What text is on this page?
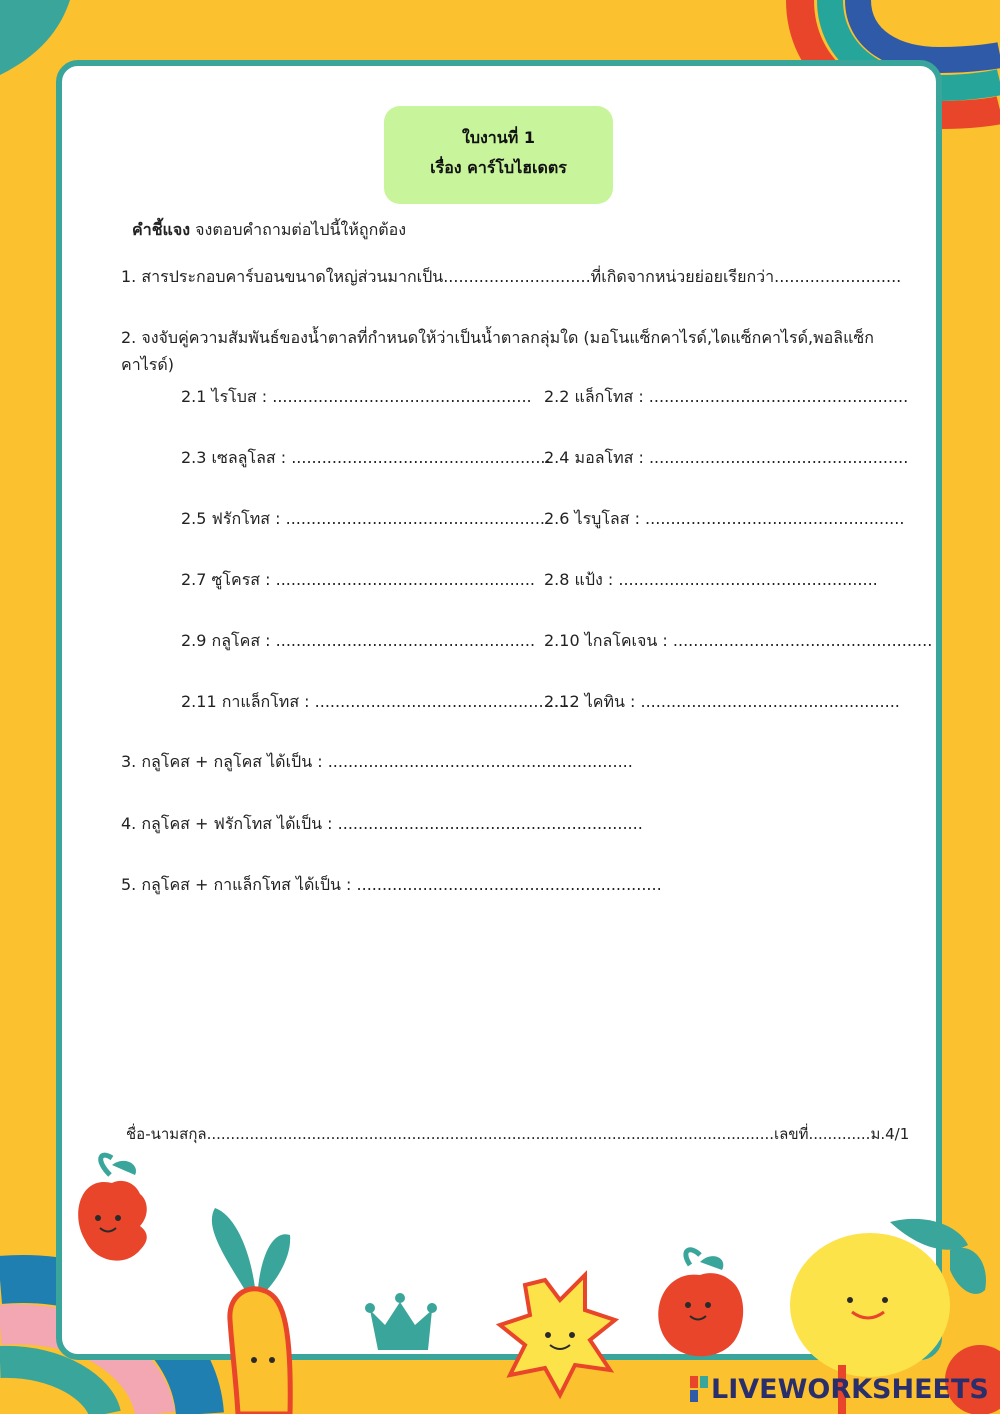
ใบงานที่ 1
เรื่อง คาร์โบไฮเดตร
คำชี้แจง จงตอบคำถามต่อไปนี้ให้ถูกต้อง
1. สารประกอบคาร์บอนขนาดใหญ่ส่วนมากเป็น.............................ที่เกิดจากหน่วยย่อยเรียกว่า.........................
2. จงจับคู่ความสัมพันธ์ของน้ำตาลที่กำหนดให้ว่าเป็นน้ำตาลกลุ่มใด (มอโนแซ็กคาไรด์,ไดแซ็กคาไรด์,พอลิแซ็กคาไรด์)
2.1 ไรโบส : ................................................... 2.2 แล็กโทส : ...................................................
2.3 เซลลูโลส : ...................................................
2.4 มอลโทส : ...................................................
2.5 ฟรักโทส : ................................................... 2.6 ไรบูโลส : ...................................................
2.7 ซูโครส : ................................................... 2.8 แป้ง : ...................................................
2.9 กลูโคส : ................................................... 2.10 ไกลโคเจน : ...................................................
2.11 กาแล็กโทส : ...................................................
2.12 ไคทิน : ...................................................
3. กลูโคส + กลูโคส ได้เป็น : ............................................................
4. กลูโคส + ฟรักโทส ได้เป็น : ............................................................
5. กลูโคส + กาแล็กโทส ได้เป็น : ............................................................
ชื่อ-นามสกุล.......................................................................................................................เลขที่.............ม.4/1
LIVEWORKSHEETS
